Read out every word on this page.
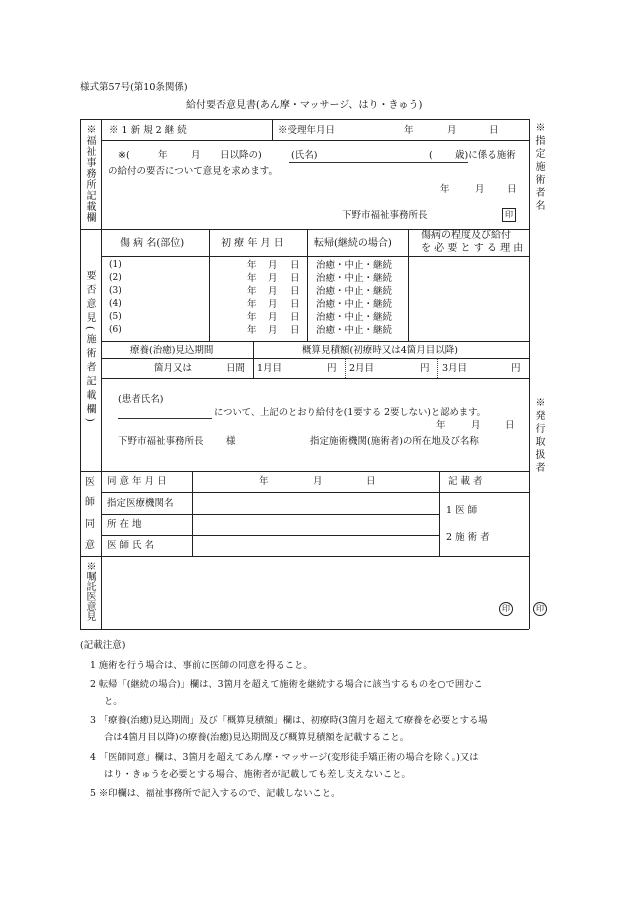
様式第57号(第10条関係)
給付要否意見書(あん摩・マッサージ、はり・きゅう)
※福祉事務所記載欄
要否意見(施術者記載欄)
医
師
同
意
※嘱託医意見
※指定施術者名
※発行取扱者
※ 1 新 規 2 継 続	※受理年月日	年	月	日
※(	年 月 日以降の)	(氏名)	( 歳)に係る施術
の給付の要否について意見を求めます。
年	月 日
下野市福祉事務所長	印
傷 病 名(部位)	初 療 年 月 日	転帰(継続の場合)
傷病の程度及び給付
を 必 要 と す る 理 由
(1)	年 月 日 治癒・中止・継続
(2)	年 月 日 治癒・中止・継続
(3)	年 月 日 治癒・中止・継続
(4)	年 月 日 治癒・中止・継続
(5)	年 月 日 治癒・中止・継続
(6)	年 月 日 治癒・中止・継続
療養(治癒)見込期間	概算見積額(初療時又は4箇月目以降)
箇月又は	日間 1月目	円 2月目	円 3月目	円
(患者氏名)
について、上記のとおり給付を(1要する 2要しない)と認めます。
年	月	日
下野市福祉事務所長 様	指定施術機関(施術者)の所在地及び名称
同 意 年 月 日	年	月	日
指定医療機関名
所 在 地
医 師 氏 名
記 載 者
1 医 師
2 施 術 者
印	印
(記載注意)
1 施術を行う場合は、事前に医師の同意を得ること。
2 転帰「(継続の場合)」欄は、3箇月を超えて施術を継続する場合に該当するものを○で囲むこ
と。
3 「療養(治癒)見込期間」及び「概算見積額」欄は、初療時(3箇月を超えて療養を必要とする場
合は4箇月目以降)の療養(治癒)見込期間及び概算見積額を記載すること。
4 「医師同意」欄は、3箇月を超えてあん摩・マッサージ(変形徒手矯正術の場合を除く。)又は
はり・きゅうを必要とする場合、施術者が記載しても差し支えないこと。
5 ※印欄は、福祉事務所で記入するので、記載しないこと。
